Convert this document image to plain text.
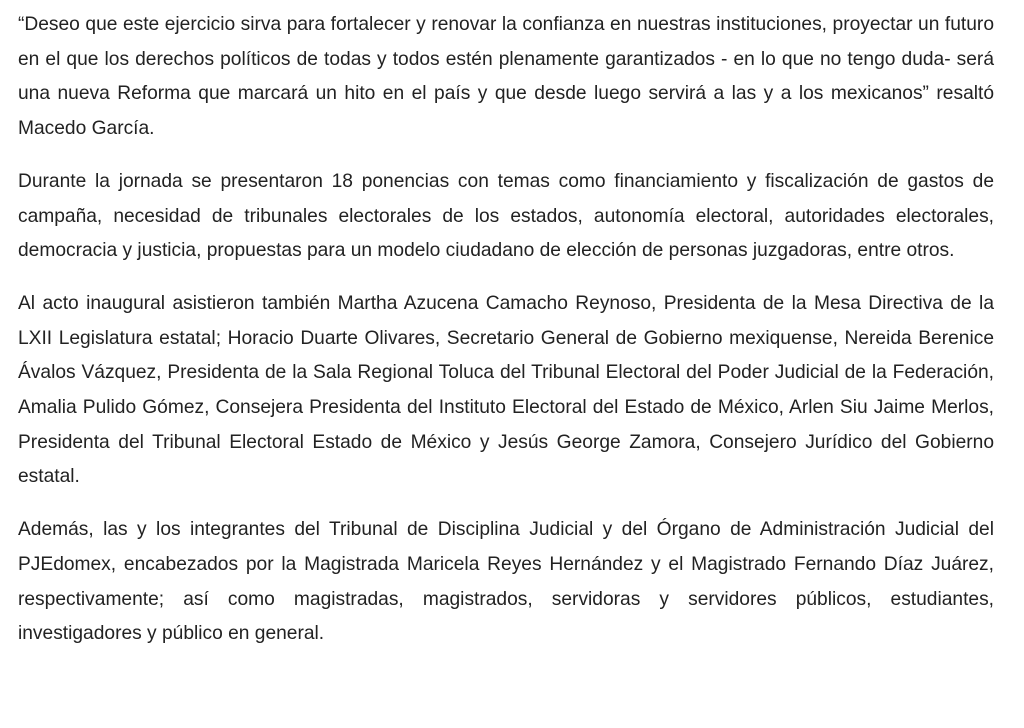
“Deseo que este ejercicio sirva para fortalecer y renovar la confianza en nuestras instituciones, proyectar un futuro en el que los derechos políticos de todas y todos estén plenamente garantizados - en lo que no tengo duda- será una nueva Reforma que marcará un hito en el país y que desde luego servirá a las y a los mexicanos” resaltó Macedo García.

Durante la jornada se presentaron 18 ponencias con temas como financiamiento y fiscalización de gastos de campaña, necesidad de tribunales electorales de los estados, autonomía electoral, autoridades electorales, democracia y justicia, propuestas para un modelo ciudadano de elección de personas juzgadoras, entre otros.

Al acto inaugural asistieron también Martha Azucena Camacho Reynoso, Presidenta de la Mesa Directiva de la LXII Legislatura estatal; Horacio Duarte Olivares, Secretario General de Gobierno mexiquense, Nereida Berenice Ávalos Vázquez, Presidenta de la Sala Regional Toluca del Tribunal Electoral del Poder Judicial de la Federación, Amalia Pulido Gómez, Consejera Presidenta del Instituto Electoral del Estado de México, Arlen Siu Jaime Merlos, Presidenta del Tribunal Electoral Estado de México y Jesús George Zamora, Consejero Jurídico del Gobierno estatal.

Además, las y los integrantes del Tribunal de Disciplina Judicial y del Órgano de Administración Judicial del PJEdomex, encabezados por la Magistrada Maricela Reyes Hernández y el Magistrado Fernando Díaz Juárez, respectivamente; así como magistradas, magistrados, servidoras y servidores públicos, estudiantes, investigadores y público en general.
